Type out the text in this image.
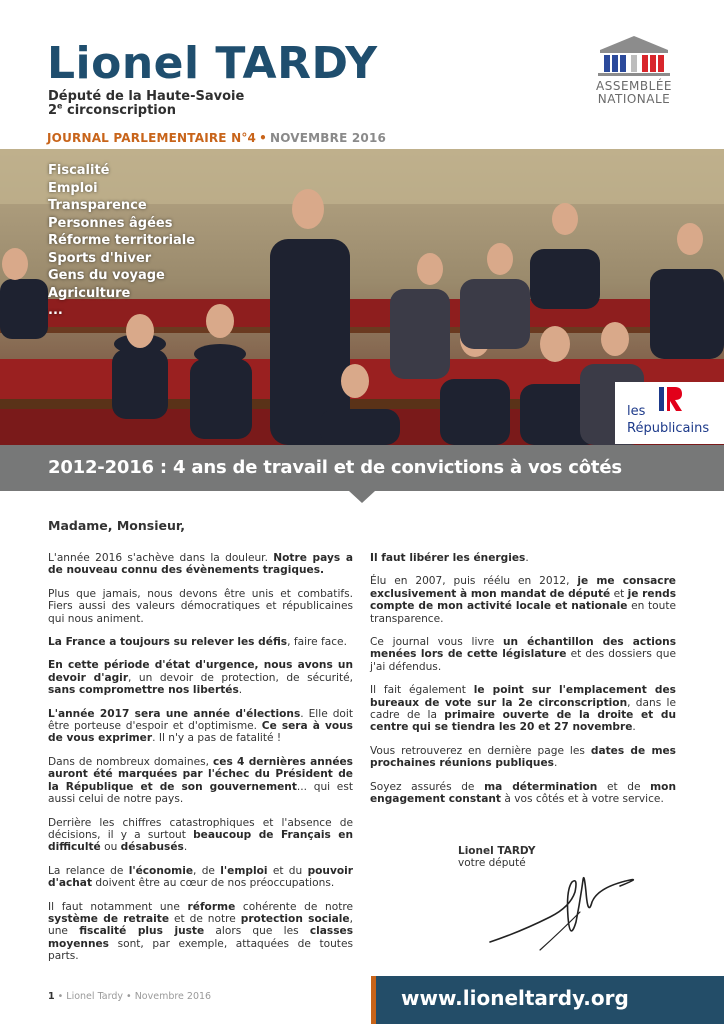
Lionel TARDY
Député de la Haute-Savoie
2e circonscription
JOURNAL PARLEMENTAIRE N°4 • NOVEMBRE 2016
ASSEMBLÉE
NATIONALE
© Assemblée nationale 2015
Fiscalité
Emploi
Transparence
Personnes âgées
Réforme territoriale
Sports d'hiver
Gens du voyage
Agriculture
...
les
Républicains
2012-2016 : 4 ans de travail et de convictions à vos côtés
Madame, Monsieur,

L'année 2016 s'achève dans la douleur. Notre pays a de nouveau connu des évènements tragiques.

Plus que jamais, nous devons être unis et combatifs. Fiers aussi des valeurs démocratiques et républicaines qui nous animent.

La France a toujours su relever les défis, faire face.

En cette période d'état d'urgence, nous avons un devoir d'agir, un devoir de protection, de sécurité, sans compromettre nos libertés.

L'année 2017 sera une année d'élections. Elle doit être porteuse d'espoir et d'optimisme. Ce sera à vous de vous exprimer. Il n'y a pas de fatalité !

Dans de nombreux domaines, ces 4 dernières années auront été marquées par l'échec du Président de la République et de son gouvernement... qui est aussi celui de notre pays.

Derrière les chiffres catastrophiques et l'absence de décisions, il y a surtout beaucoup de Français en difficulté ou désabusés.

La relance de l'économie, de l'emploi et du pouvoir d'achat doivent être au cœur de nos préoccupations.

Il faut notamment une réforme cohérente de notre système de retraite et de notre protection sociale, une fiscalité plus juste alors que les classes moyennes sont, par exemple, attaquées de toutes parts.

Il faut libérer les énergies.

Élu en 2007, puis réélu en 2012, je me consacre exclusivement à mon mandat de député et je rends compte de mon activité locale et nationale en toute transparence.

Ce journal vous livre un échantillon des actions menées lors de cette législature et des dossiers que j'ai défendus.

Il fait également le point sur l'emplacement des bureaux de vote sur la 2e circonscription, dans le cadre de la primaire ouverte de la droite et du centre qui se tiendra les 20 et 27 novembre.

Vous retrouverez en dernière page les dates de mes prochaines réunions publiques.

Soyez assurés de ma détermination et de mon engagement constant à vos côtés et à votre service.

Lionel TARDY
votre député
1 • Lionel Tardy • Novembre 2016	www.lioneltardy.org
